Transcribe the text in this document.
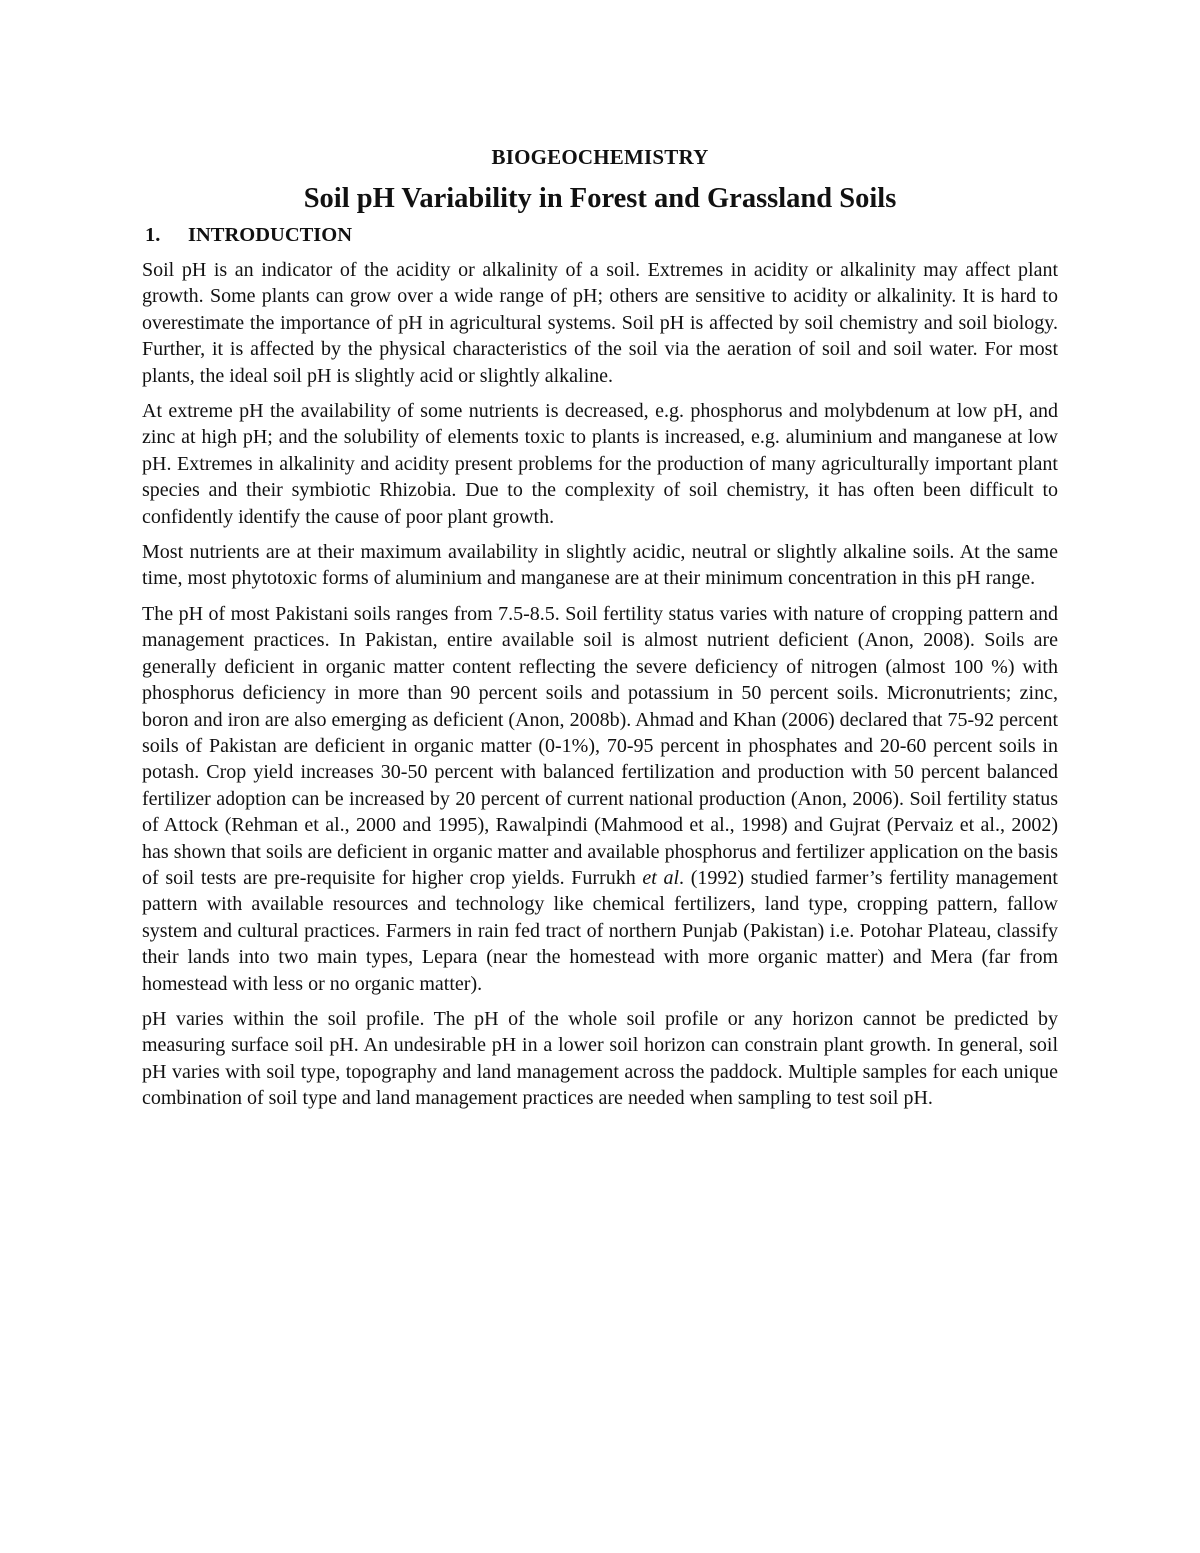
BIOGEOCHEMISTRY

Soil pH Variability in Forest and Grassland Soils
1.	INTRODUCTION

Soil pH is an indicator of the acidity or alkalinity of a soil. Extremes in acidity or alkalinity may affect plant growth. Some plants can grow over a wide range of pH; others are sensitive to acidity or alkalinity. It is hard to overestimate the importance of pH in agricultural systems. Soil pH is affected by soil chemistry and soil biology. Further, it is affected by the physical characteristics of the soil via the aeration of soil and soil water. For most plants, the ideal soil pH is slightly acid or slightly alkaline.

At extreme pH the availability of some nutrients is decreased, e.g. phosphorus and molybdenum at low pH, and zinc at high pH; and the solubility of elements toxic to plants is increased, e.g. aluminium and manganese at low pH. Extremes in alkalinity and acidity present problems for the production of many agriculturally important plant species and their symbiotic Rhizobia. Due to the complexity of soil chemistry, it has often been difficult to confidently identify the cause of poor plant growth.

Most nutrients are at their maximum availability in slightly acidic, neutral or slightly alkaline soils. At the same time, most phytotoxic forms of aluminium and manganese are at their minimum concentration in this pH range.

The pH of most Pakistani soils ranges from 7.5-8.5. Soil fertility status varies with nature of cropping pattern and management practices. In Pakistan, entire available soil is almost nutrient deficient (Anon, 2008). Soils are generally deficient in organic matter content reflecting the severe deficiency of nitrogen (almost 100 %) with phosphorus deficiency in more than 90 percent soils and potassium in 50 percent soils. Micronutrients; zinc, boron and iron are also emerging as deficient (Anon, 2008b). Ahmad and Khan (2006) declared that 75-92 percent soils of Pakistan are deficient in organic matter (0-1%), 70-95 percent in phosphates and 20-60 percent soils in potash. Crop yield increases 30-50 percent with balanced fertilization and production with 50 percent balanced fertilizer adoption can be increased by 20 percent of current national production (Anon, 2006). Soil fertility status of Attock (Rehman et al., 2000 and 1995), Rawalpindi (Mahmood et al., 1998) and Gujrat (Pervaiz et al., 2002) has shown that soils are deficient in organic matter and available phosphorus and fertilizer application on the basis of soil tests are pre-requisite for higher crop yields. Furrukh et al. (1992) studied farmer’s fertility management pattern with available resources and technology like chemical fertilizers, land type, cropping pattern, fallow system and cultural practices. Farmers in rain fed tract of northern Punjab (Pakistan) i.e. Potohar Plateau, classify their lands into two main types, Lepara (near the homestead with more organic matter) and Mera (far from homestead with less or no organic matter).

pH varies within the soil profile. The pH of the whole soil profile or any horizon cannot be predicted by measuring surface soil pH. An undesirable pH in a lower soil horizon can constrain plant growth. In general, soil pH varies with soil type, topography and land management across the paddock. Multiple samples for each unique combination of soil type and land management practices are needed when sampling to test soil pH.
